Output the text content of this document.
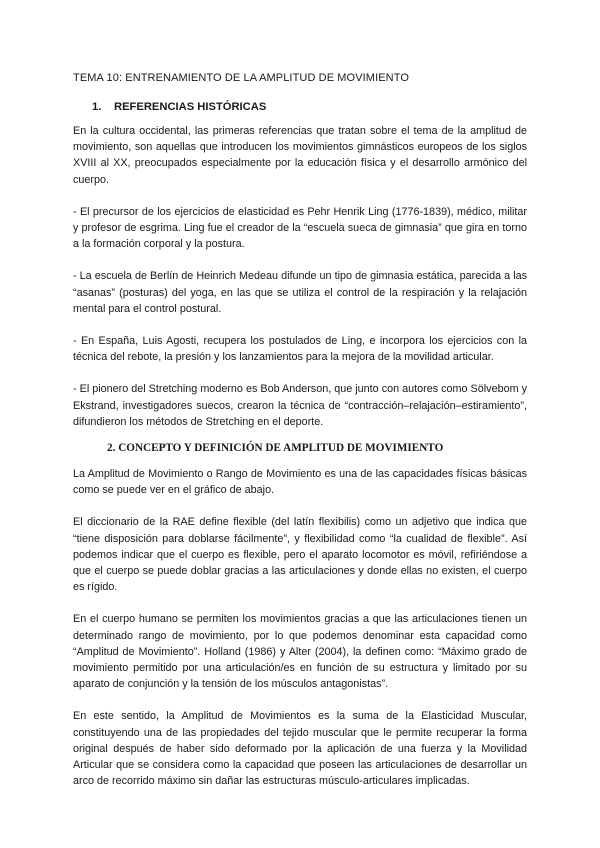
TEMA 10: ENTRENAMIENTO DE LA AMPLITUD DE MOVIMIENTO

1. REFERENCIAS HISTÓRICAS

En la cultura occidental, las primeras referencias que tratan sobre el tema de la amplitud de movimiento, son aquellas que introducen los movimientos gimnásticos europeos de los siglos XVIII al XX, preocupados especialmente por la educación física y el desarrollo armónico del cuerpo.

- El precursor de los ejercicios de elasticidad es Pehr Henrik Ling (1776-1839), médico, militar y profesor de esgrima. Ling fue el creador de la “escuela sueca de gimnasia” que gira en torno a la formación corporal y la postura.

- La escuela de Berlín de Heinrich Medeau difunde un tipo de gimnasia estática, parecida a las “asanas” (posturas) del yoga, en las que se utiliza el control de la respiración y la relajación mental para el control postural.

- En España, Luis Agosti, recupera los postulados de Ling, e incorpora los ejercicios con la técnica del rebote, la presión y los lanzamientos para la mejora de la movilidad articular.

- El pionero del Stretching moderno es Bob Anderson, que junto con autores como Sölvebom y Ekstrand, investigadores suecos, crearon la técnica de “contracción–relajación–estiramiento”, difundieron los métodos de Stretching en el deporte.

2. CONCEPTO Y DEFINICIÓN DE AMPLITUD DE MOVIMIENTO

La Amplitud de Movimiento o Rango de Movimiento es una de las capacidades físicas básicas como se puede ver en el gráfico de abajo.

El diccionario de la RAE define flexible (del latín flexibilis) como un adjetivo que indica que “tiene disposición para doblarse fácilmente”, y flexibilidad como “la cualidad de flexible”. Así podemos indicar que el cuerpo es flexible, pero el aparato locomotor es móvil, refiriéndose a que el cuerpo se puede doblar gracias a las articulaciones y donde ellas no existen, el cuerpo es rígido.

En el cuerpo humano se permiten los movimientos gracias a que las articulaciones tienen un determinado rango de movimiento, por lo que podemos denominar esta capacidad como “Amplitud de Movimiento”. Holland (1986) y Alter (2004), la definen como: “Máximo grado de movimiento permitido por una articulación/es en función de su estructura y limitado por su aparato de conjunción y la tensión de los músculos antagonistas”.

En este sentido, la Amplitud de Movimientos es la suma de la Elasticidad Muscular, constituyendo una de las propiedades del tejido muscular que le permite recuperar la forma original después de haber sido deformado por la aplicación de una fuerza y la Movilidad Articular que se considera como la capacidad que poseen las articulaciones de desarrollar un arco de recorrido máximo sin dañar las estructuras músculo-articulares implicadas.
